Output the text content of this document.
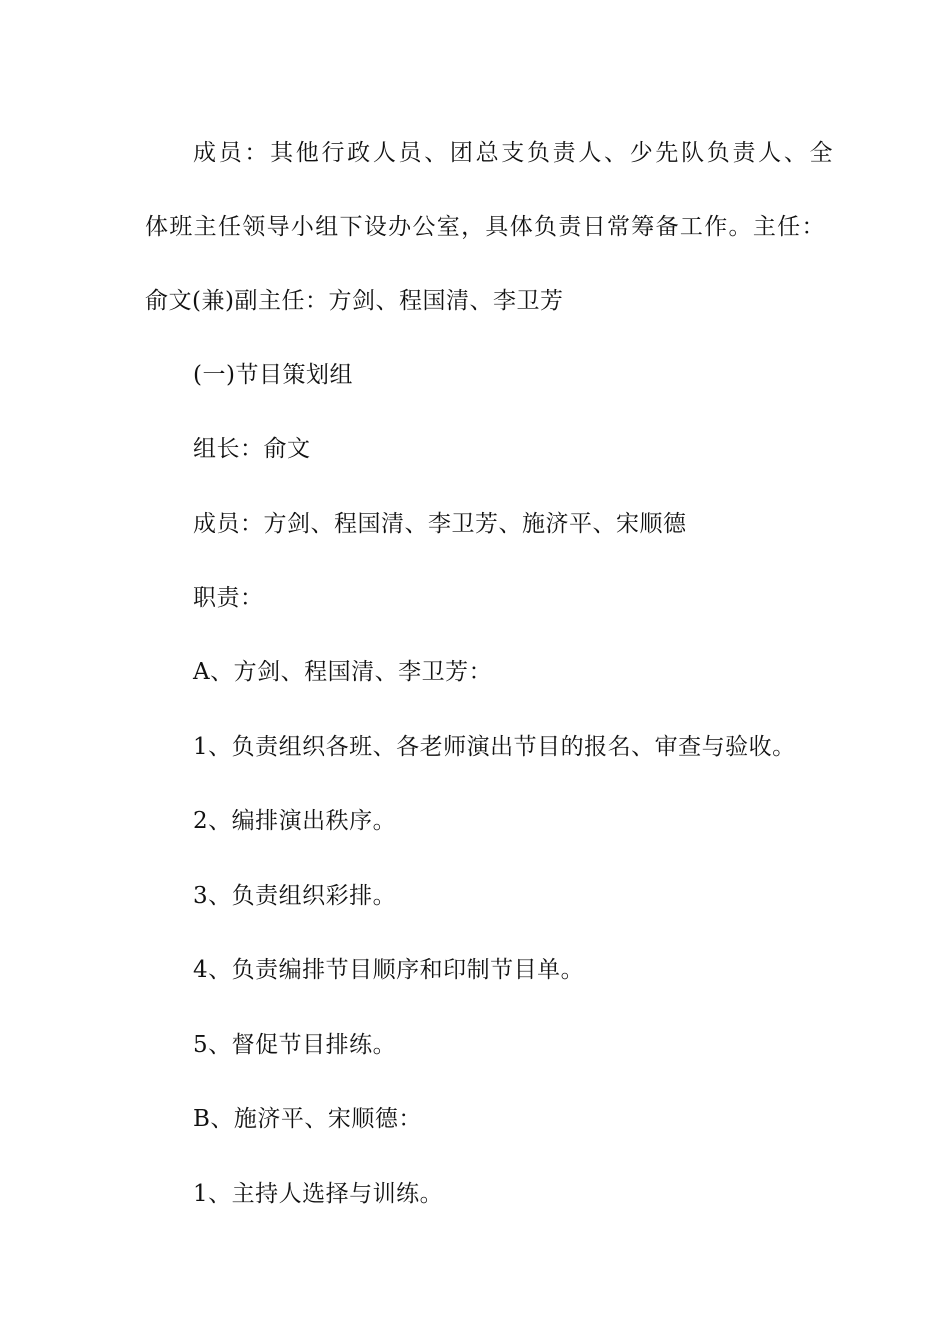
成员：其他行政人员、团总支负责人、少先队负责人、全
体班主任领导小组下设办公室，具体负责日常筹备工作。主任：
俞文(兼)副主任：方剑、程国清、李卫芳
(一)节目策划组
组长：俞文
成员：方剑、程国清、李卫芳、施济平、宋顺德
职责：
A、方剑、程国清、李卫芳：
1、负责组织各班、各老师演出节目的报名、审查与验收。
2、编排演出秩序。
3、负责组织彩排。
4、负责编排节目顺序和印制节目单。
5、督促节目排练。
B、施济平、宋顺德：
1、主持人选择与训练。
